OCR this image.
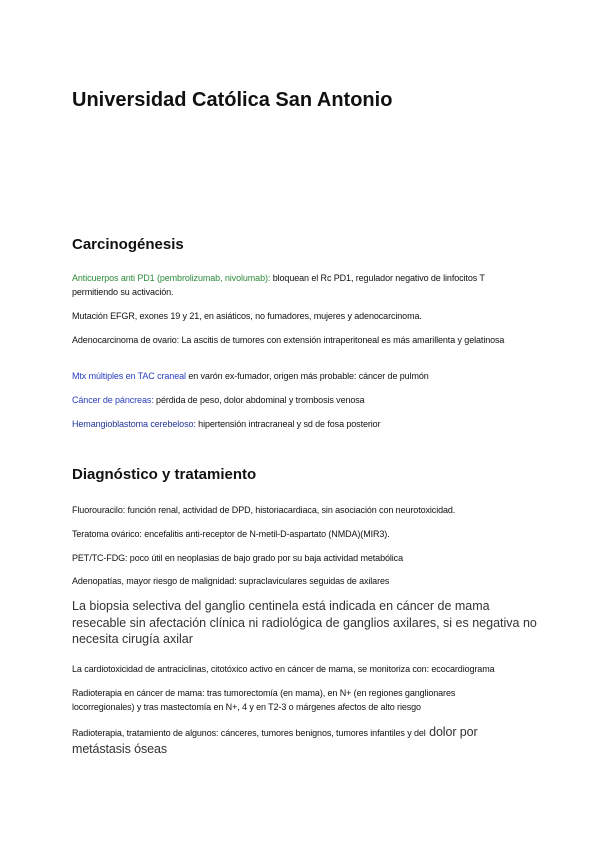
Universidad Católica San Antonio
Carcinogénesis

Anticuerpos anti PD1 (pembrolizumab, nivolumab): bloquean el Rc PD1, regulador negativo de linfocitos T permitiendo su activación.

Mutación EFGR, exones 19 y 21, en asiáticos, no fumadores, mujeres y adenocarcinoma.

Adenocarcinoma de ovario: La ascitis de tumores con extensión intraperitoneal es más amarillenta y gelatinosa

Mtx múltiples en TAC craneal en varón ex-fumador, origen más probable: cáncer de pulmón

Cáncer de páncreas: pérdida de peso, dolor abdominal y trombosis venosa

Hemangioblastoma cerebeloso: hipertensión intracraneal y sd de fosa posterior

Diagnóstico y tratamiento

Fluorouracilo: función renal, actividad de DPD, historiacardiaca, sin asociación con neurotoxicidad.

Teratoma ovárico: encefalitis anti-receptor de N-metil-D-aspartato (NMDA)(MIR3).

PET/TC-FDG: poco útil en neoplasias de bajo grado por su baja actividad metabólica

Adenopatías, mayor riesgo de malignidad: supraclaviculares seguidas de axilares

La biopsia selectiva del ganglio centinela está indicada en cáncer de mama resecable sin afectación clínica ni radiológica de ganglios axilares, si es negativa no necesita cirugía axilar

La cardiotoxicidad de antraciclinas, citotóxico activo en cáncer de mama, se monitoriza con: ecocardiograma

Radioterapia en cáncer de mama: tras tumorectomía (en mama), en N+ (en regiones ganglionares locorregionales) y tras mastectomía en N+, 4 y en T2-3 o márgenes afectos de alto riesgo

Radioterapia, tratamiento de algunos: cánceres, tumores benignos, tumores infantiles y del dolor por metástasis óseas
